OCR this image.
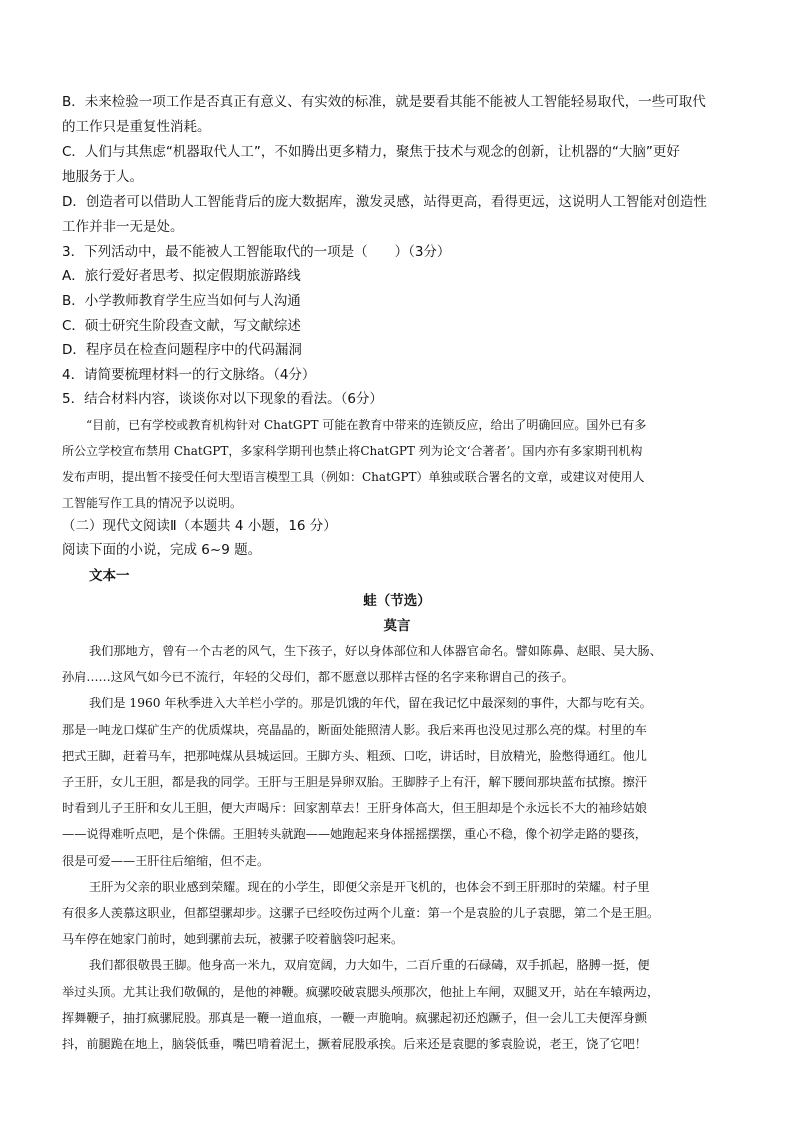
B．未来检验一项工作是否真正有意义、有实效的标准，就是要看其能不能被人工智能轻易取代，一些可取代
的工作只是重复性消耗。
C．人们与其焦虑“机器取代人工”，不如腾出更多精力，聚焦于技术与观念的创新，让机器的“大脑”更好
地服务于人。
D．创造者可以借助人工智能背后的庞大数据库，激发灵感，站得更高，看得更远，这说明人工智能对创造性
工作并非一无是处。
3．下列活动中，最不能被人工智能取代的一项是（　　）（3分）
A．旅行爱好者思考、拟定假期旅游路线
B．小学教师教育学生应当如何与人沟通
C．硕士研究生阶段查文献，写文献综述
D．程序员在检查问题程序中的代码漏洞
4．请简要梳理材料一的行文脉络。（4分）
5．结合材料内容，谈谈你对以下现象的看法。（6分）
“目前，已有学校或教育机构针对 ChatGPT 可能在教育中带来的连锁反应，给出了明确回应。国外已有多
所公立学校宣布禁用 ChatGPT，多家科学期刊也禁止将ChatGPT 列为论文‘合著者’。国内亦有多家期刊机构
发布声明，提出暂不接受任何大型语言模型工具（例如：ChatGPT）单独或联合署名的文章，或建议对使用人
工智能写作工具的情况予以说明。
（二）现代文阅读Ⅱ（本题共 4 小题，16 分）
阅读下面的小说，完成 6~9 题。
文本一
蛙（节选）
莫言
我们那地方，曾有一个古老的风气，生下孩子，好以身体部位和人体器官命名。譬如陈鼻、赵眼、吴大肠、
孙肩……这风气如今已不流行，年轻的父母们，都不愿意以那样古怪的名字来称谓自己的孩子。
我们是 1960 年秋季进入大羊栏小学的。那是饥饿的年代，留在我记忆中最深刻的事件，大都与吃有关。
那是一吨龙口煤矿生产的优质煤块，亮晶晶的，断面处能照清人影。我后来再也没见过那么亮的煤。村里的车
把式王脚，赶着马车，把那吨煤从县城运回。王脚方头、粗颈、口吃，讲话时，目放精光，脸憋得通红。他儿
子王肝，女儿王胆，都是我的同学。王肝与王胆是异卵双胎。王脚脖子上有汗，解下腰间那块蓝布拭擦。擦汗
时看到儿子王肝和女儿王胆，便大声喝斥：回家割草去！王肝身体高大，但王胆却是个永远长不大的袖珍姑娘
——说得难听点吧，是个侏儒。王胆转头就跑——她跑起来身体摇摇摆摆，重心不稳，像个初学走路的婴孩，
很是可爱——王肝往后缩缩，但不走。
王肝为父亲的职业感到荣耀。现在的小学生，即便父亲是开飞机的，也体会不到王肝那时的荣耀。村子里
有很多人羡慕这职业，但都望骡却步。这骡子已经咬伤过两个儿童：第一个是袁脸的儿子袁腮，第二个是王胆。
马车停在她家门前时，她到骡前去玩，被骡子咬着脑袋叼起来。
我们都很敬畏王脚。他身高一米九，双肩宽阔，力大如牛，二百斤重的石碌碡，双手抓起，胳膊一挺，便
举过头顶。尤其让我们敬佩的，是他的神鞭。疯骡咬破袁腮头颅那次，他扯上车闸，双腿叉开，站在车辕两边，
挥舞鞭子，抽打疯骡屁股。那真是一鞭一道血痕，一鞭一声脆响。疯骡起初还尥蹶子，但一会儿工夫便浑身颤
抖，前腿跪在地上，脑袋低垂，嘴巴啃着泥土，撅着屁股承挨。后来还是袁腮的爹袁脸说，老王，饶了它吧！
